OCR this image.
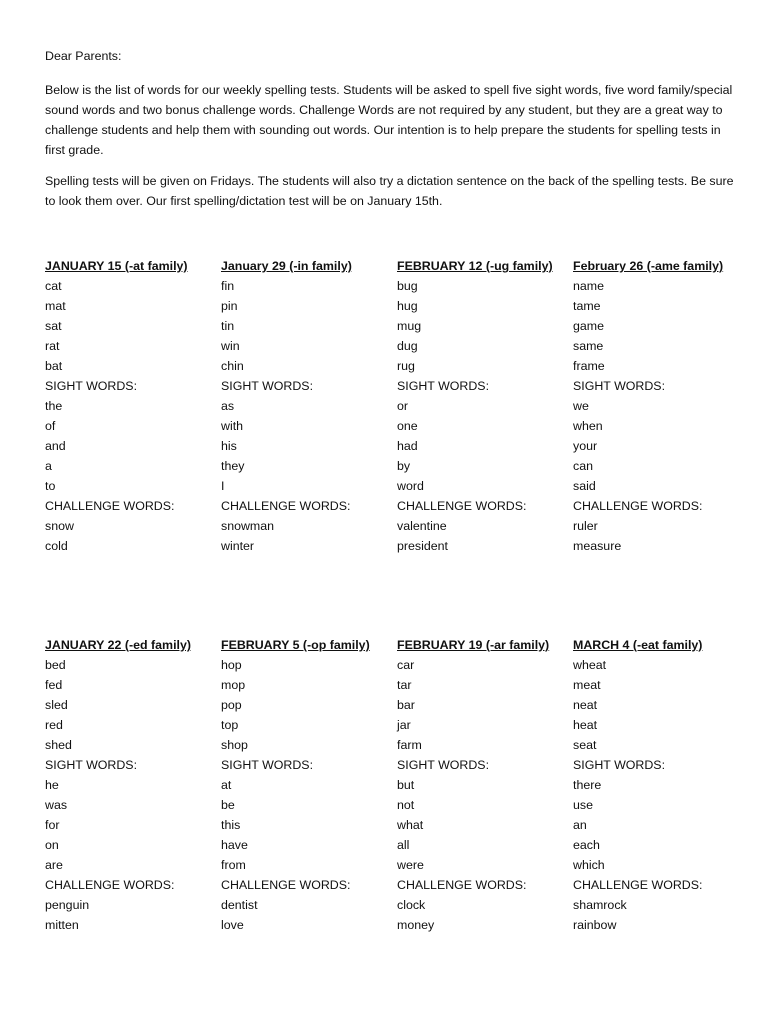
Dear Parents:

Below is the list of words for our weekly spelling tests. Students will be asked to spell five sight words, five word family/special sound words and two bonus challenge words. Challenge Words are not required by any student, but they are a great way to challenge students and help them with sounding out words. Our intention is to help prepare the students for spelling tests in first grade.

Spelling tests will be given on Fridays. The students will also try a dictation sentence on the back of the spelling tests. Be sure to look them over. Our first spelling/dictation test will be on January 15th.

JANUARY 15 (-at family)
cat
mat
sat
rat
bat
SIGHT WORDS:
the
of
and
a
to
CHALLENGE WORDS:
snow
cold
January 29 (-in family)
fin
pin
tin
win
chin
SIGHT WORDS:
as
with
his
they
I
CHALLENGE WORDS:
snowman
winter
FEBRUARY 12 (-ug family)
bug
hug
mug
dug
rug
SIGHT WORDS:
or
one
had
by
word
CHALLENGE WORDS:
valentine
president
February 26 (-ame family)
name
tame
game
same
frame
SIGHT WORDS:
we
when
your
can
said
CHALLENGE WORDS:
ruler
measure
JANUARY 22 (-ed family)
bed
fed
sled
red
shed
SIGHT WORDS:
he
was
for
on
are
CHALLENGE WORDS:
penguin
mitten
FEBRUARY 5 (-op family)
hop
mop
pop
top
shop
SIGHT WORDS:
at
be
this
have
from
CHALLENGE WORDS:
dentist
love
FEBRUARY 19 (-ar family)
car
tar
bar
jar
farm
SIGHT WORDS:
but
not
what
all
were
CHALLENGE WORDS:
clock
money
MARCH 4 (-eat family)
wheat
meat
neat
heat
seat
SIGHT WORDS:
there
use
an
each
which
CHALLENGE WORDS:
shamrock
rainbow
